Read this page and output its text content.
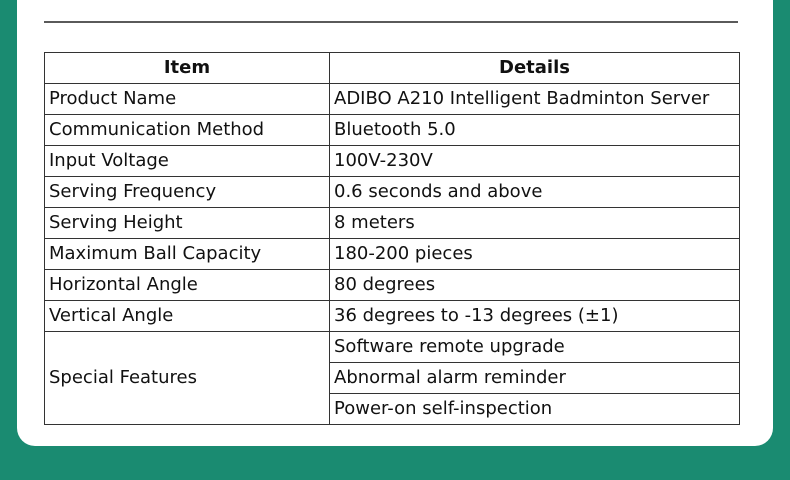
Item	Details
Product Name	ADIBO A210 Intelligent Badminton Server
Communication Method	Bluetooth 5.0
Input Voltage	100V-230V
Serving Frequency	0.6 seconds and above
Serving Height	8 meters
Maximum Ball Capacity	180-200 pieces
Horizontal Angle	80 degrees
Vertical Angle	36 degrees to -13 degrees (±1)
Special Features	Software remote upgrade
	Abnormal alarm reminder
	Power-on self-inspection
